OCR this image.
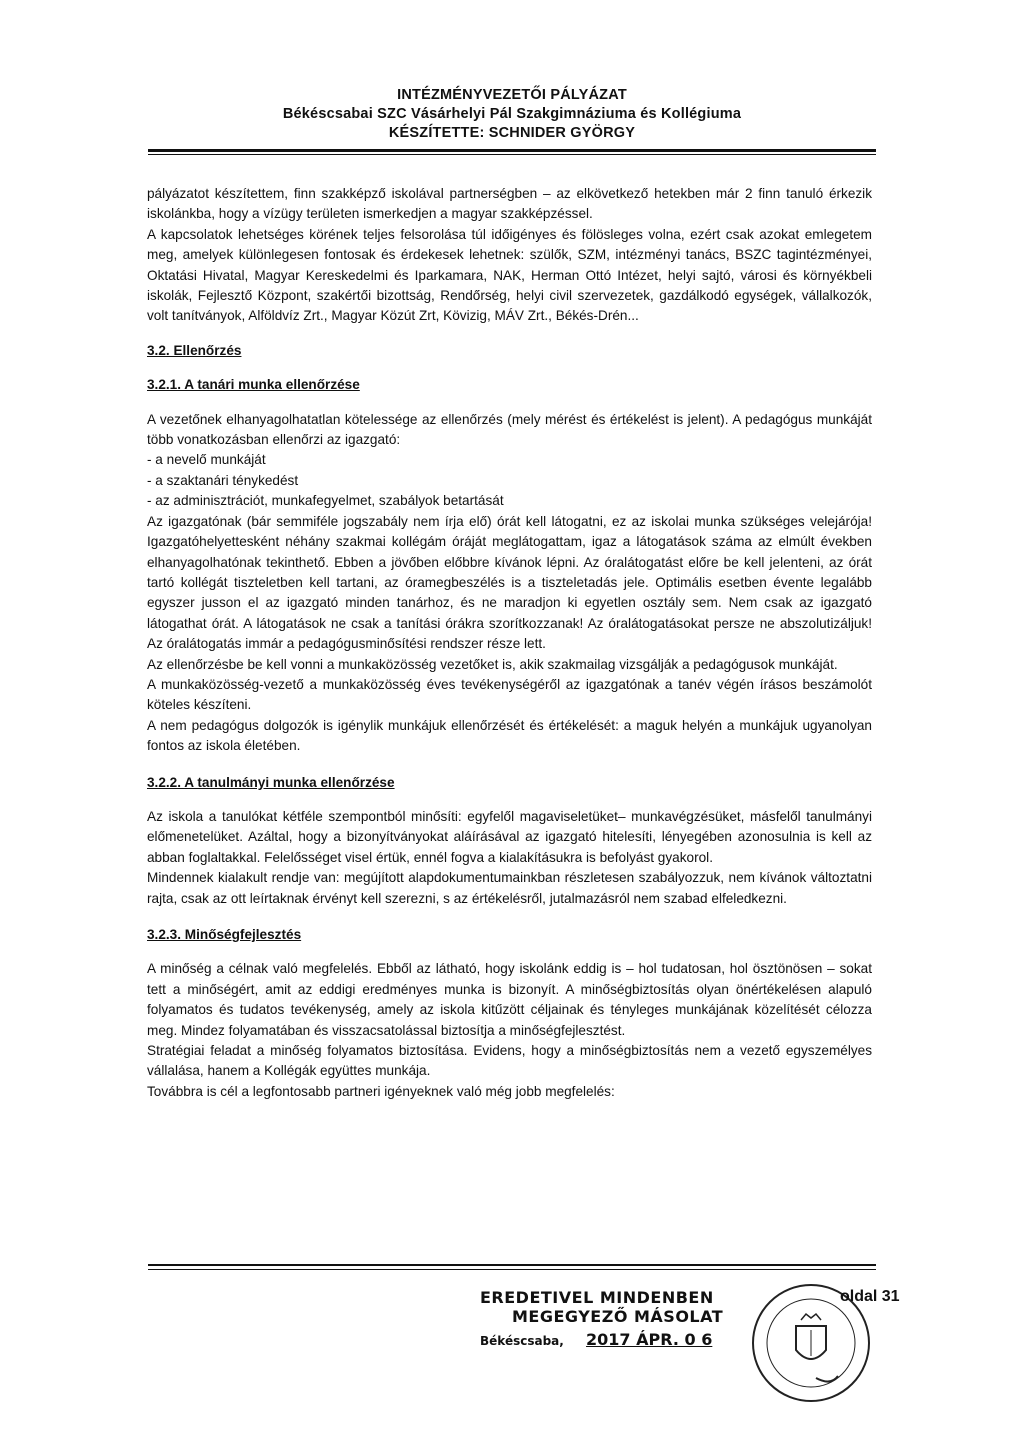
INTÉZMÉNYVEZETŐI PÁLYÁZAT
Békéscsabai SZC Vásárhelyi Pál Szakgimnáziuma és Kollégiuma
KÉSZÍTETTE: SCHNIDER GYÖRGY

pályázatot készítettem, finn szakképző iskolával partnerségben – az elkövetkező hetekben már 2 finn tanuló érkezik iskolánkba, hogy a vízügy területen ismerkedjen a magyar szakképzéssel.

A kapcsolatok lehetséges körének teljes felsorolása túl időigényes és fölösleges volna, ezért csak azokat emlegetem meg, amelyek különlegesen fontosak és érdekesek lehetnek: szülők, SZM, intézményi tanács, BSZC tagintézményei, Oktatási Hivatal, Magyar Kereskedelmi és Iparkamara, NAK, Herman Ottó Intézet, helyi sajtó, városi és környékbeli iskolák, Fejlesztő Központ, szakértői bizottság, Rendőrség, helyi civil szervezetek, gazdálkodó egységek, vállalkozók, volt tanítványok, Alföldvíz Zrt., Magyar Közút Zrt, Kövizig, MÁV Zrt., Békés-Drén...

3.2. Ellenőrzés

3.2.1. A tanári munka ellenőrzése

A vezetőnek elhanyagolhatatlan kötelessége az ellenőrzés (mely mérést és értékelést is jelent). A pedagógus munkáját több vonatkozásban ellenőrzi az igazgató:

- a nevelő munkáját

- a szaktanári ténykedést

- az adminisztrációt, munkafegyelmet, szabályok betartását

Az igazgatónak (bár semmiféle jogszabály nem írja elő) órát kell látogatni, ez az iskolai munka szükséges velejárója! Igazgatóhelyettesként néhány szakmai kollégám óráját meglátogattam, igaz a látogatások száma az elmúlt években elhanyagolhatónak tekinthető. Ebben a jövőben előbbre kívánok lépni. Az óralátogatást előre be kell jelenteni, az órát tartó kollégát tiszteletben kell tartani, az óramegbeszélés is a tiszteletadás jele. Optimális esetben évente legalább egyszer jusson el az igazgató minden tanárhoz, és ne maradjon ki egyetlen osztály sem. Nem csak az igazgató látogathat órát. A látogatások ne csak a tanítási órákra szorítkozzanak! Az óralátogatásokat persze ne abszolutizáljuk! Az óralátogatás immár a pedagógusminősítési rendszer része lett.

Az ellenőrzésbe be kell vonni a munkaközösség vezetőket is, akik szakmailag vizsgálják a pedagógusok munkáját.

A munkaközösség-vezető a munkaközösség éves tevékenységéről az igazgatónak a tanév végén írásos beszámolót köteles készíteni.

A nem pedagógus dolgozók is igénylik munkájuk ellenőrzését és értékelését: a maguk helyén a munkájuk ugyanolyan fontos az iskola életében.

3.2.2. A tanulmányi munka ellenőrzése

Az iskola a tanulókat kétféle szempontból minősíti: egyfelől magaviseletüket– munkavégzésüket, másfelől tanulmányi előmenetelüket. Azáltal, hogy a bizonyítványokat aláírásával az igazgató hitelesíti, lényegében azonosulnia is kell az abban foglaltakkal. Felelősséget visel értük, ennél fogva a kialakításukra is befolyást gyakorol.

Mindennek kialakult rendje van: megújított alapdokumentumainkban részletesen szabályozzuk, nem kívánok változtatni rajta, csak az ott leírtaknak érvényt kell szerezni, s az értékelésről, jutalmazásról nem szabad elfeledkezni.

3.2.3. Minőségfejlesztés

A minőség a célnak való megfelelés. Ebből az látható, hogy iskolánk eddig is – hol tudatosan, hol ösztönösen – sokat tett a minőségért, amit az eddigi eredményes munka is bizonyít. A minőségbiztosítás olyan önértékelésen alapuló folyamatos és tudatos tevékenység, amely az iskola kitűzött céljainak és tényleges munkájának közelítését célozza meg. Mindez folyamatában és visszacsatolással biztosítja a minőségfejlesztést.

Stratégiai feladat a minőség folyamatos biztosítása. Evidens, hogy a minőségbiztosítás nem a vezető egyszemélyes vállalása, hanem a Kollégák együttes munkája.

Továbbra is cél a legfontosabb partneri igényeknek való még jobb megfelelés:

EREDETIVEL MINDENBEN
MEGEGYEZŐ MÁSOLAT
Békéscsaba, 2017 ÁPR. 0 6
oldal 31
